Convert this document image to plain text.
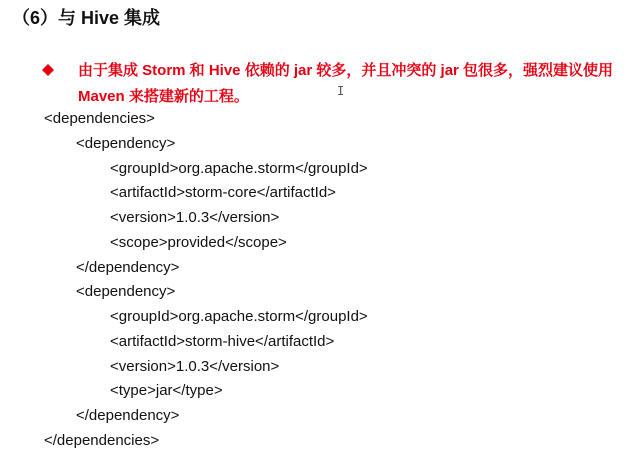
（6）与 Hive 集成
由于集成 Storm 和 Hive 依赖的 jar 较多，并且冲突的 jar 包很多，强烈建议使用 Maven 来搭建新的工程。	I
<dependencies>
<dependency>
<groupId>org.apache.storm</groupId>
<artifactId>storm-core</artifactId>
<version>1.0.3</version>
<scope>provided</scope>
</dependency>
<dependency>
<groupId>org.apache.storm</groupId>
<artifactId>storm-hive</artifactId>
<version>1.0.3</version>
<type>jar</type>
</dependency>
</dependencies>
